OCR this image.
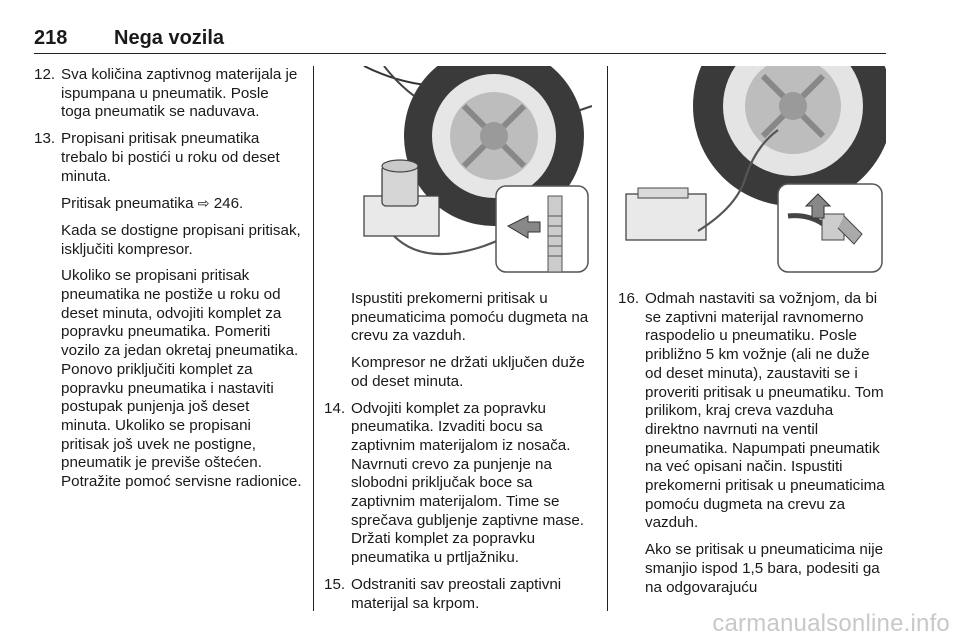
218 Nega vozila
12. Sva količina zaptivnog materijala je ispumpana u pneumatik. Posle toga pneumatik se naduvava.

13. Propisani pritisak pneumatika trebalo bi postići u roku od deset minuta.

Pritisak pneumatika ⇨ 246.

Kada se dostigne propisani pritisak, isključiti kompresor.

Ukoliko se propisani pritisak pneumatika ne postiže u roku od deset minuta, odvojiti komplet za popravku pneumatika. Pomeriti vozilo za jedan okretaj pneumatika. Ponovo priključiti komplet za popravku pneumatika i nastaviti postupak punjenja još deset minuta. Ukoliko se propisani pritisak još uvek ne postigne, pneumatik je previše oštećen. Potražite pomoć servisne radionice.

Ispustiti prekomerni pritisak u pneumaticima pomoću dugmeta na crevu za vazduh.
Kompresor ne držati uključen duže od deset minuta.
14. Odvojiti komplet za popravku pneumatika. Izvaditi bocu sa zaptivnim materijalom iz nosača. Navrnuti crevo za punjenje na slobodni priključak boce sa zaptivnim materijalom. Time se sprečava gubljenje zaptivne mase. Držati komplet za popravku pneumatika u prtljažniku.

15. Odstraniti sav preostali zaptivni materijal sa krpom.

16. Odmah nastaviti sa vožnjom, da bi se zaptivni materijal ravnomerno raspodelio u pneumatiku. Posle približno 5 km vožnje (ali ne duže od deset minuta), zaustaviti se i proveriti pritisak u pneumatiku. Tom prilikom, kraj creva vazduha direktno navrnuti na ventil pneumatika. Napumpati pneumatik na već opisani način. Ispustiti prekomerni pritisak u pneumaticima pomoću dugmeta na crevu za vazduh.

Ako se pritisak u pneumaticima nije smanjio ispod 1,5 bara, podesiti ga na odgovarajuću

carmanualsonline.info
